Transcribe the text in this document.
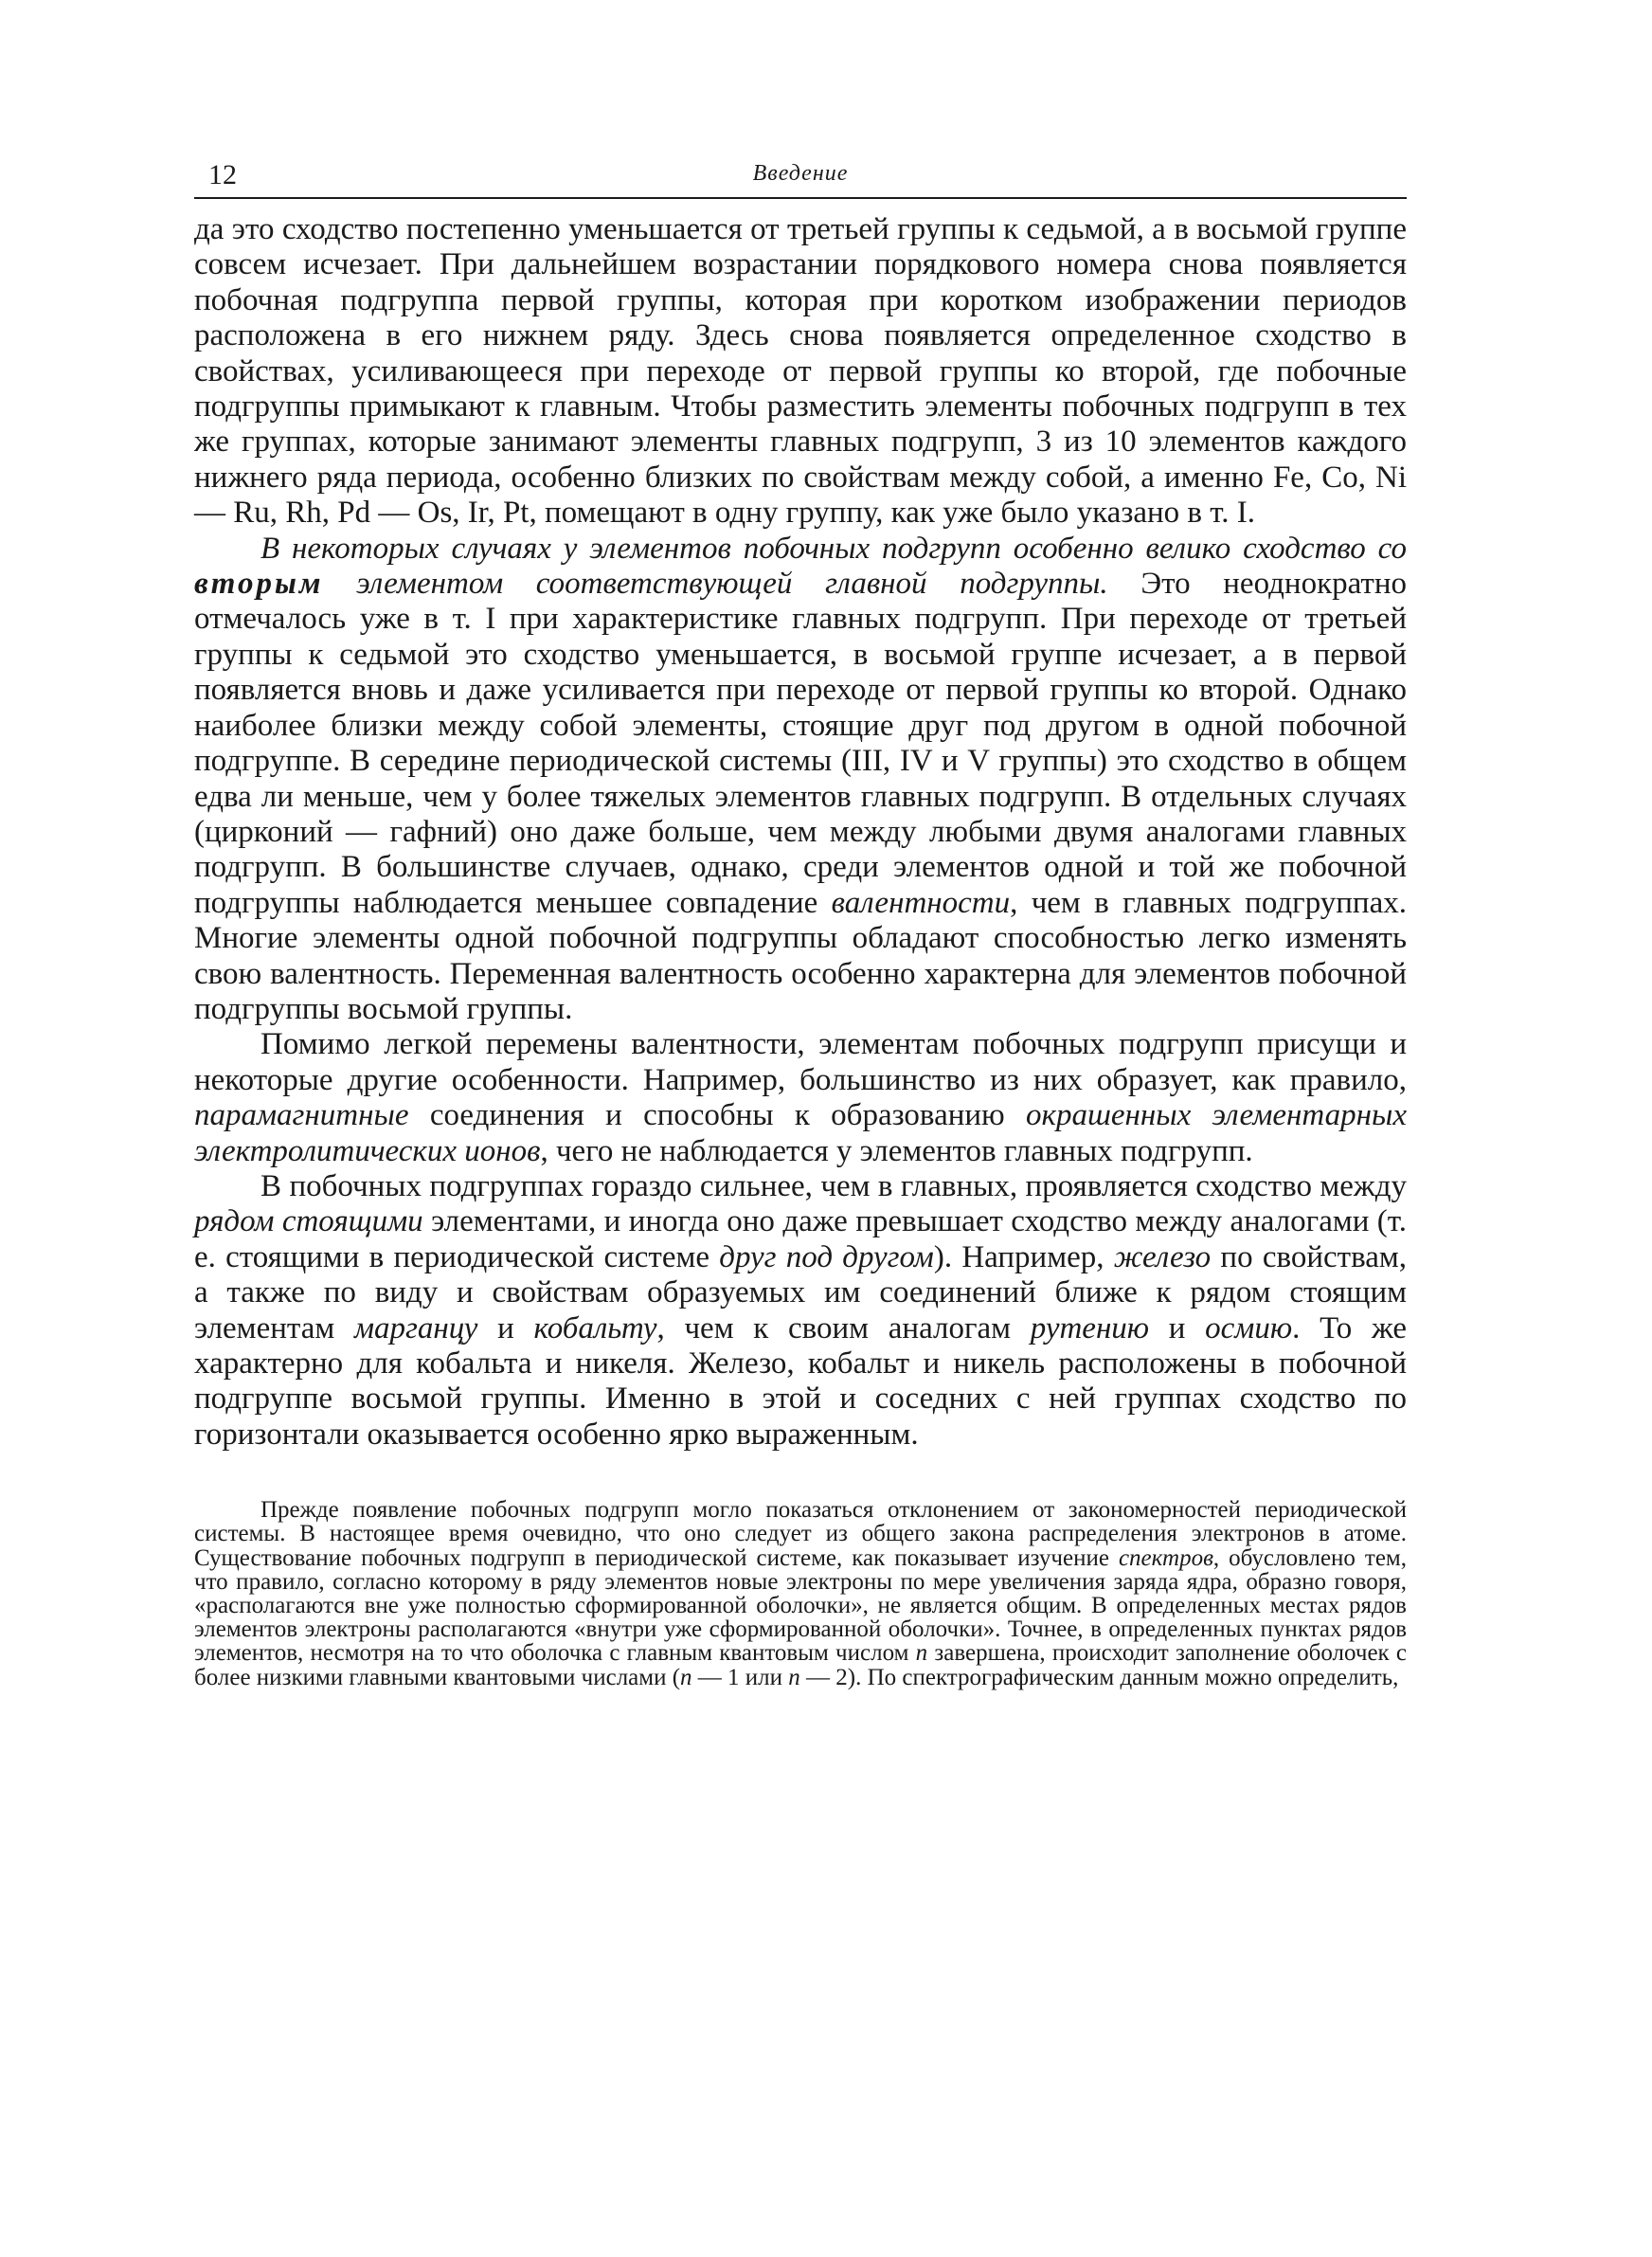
12	Введение

да это сходство постепенно уменьшается от третьей группы к седьмой, а в восьмой группе совсем исчезает. При дальнейшем возрастании порядкового номера снова появляется побочная подгруппа первой группы, которая при коротком изображении периодов расположена в его нижнем ряду. Здесь снова появляется определенное сходство в свойствах, усиливающееся при переходе от первой группы ко второй, где побочные подгруппы примыкают к главным. Чтобы разместить элементы побочных подгрупп в тех же группах, которые занимают элементы главных подгрупп, 3 из 10 элементов каждого нижнего ряда периода, особенно близких по свойствам между собой, а именно Fe, Co, Ni — Ru, Rh, Pd — Os, Ir, Pt, помещают в одну группу, как уже было указано в т. I.

В некоторых случаях у элементов побочных подгрупп особенно велико сходство со вторым элементом соответствующей главной подгруппы. Это неоднократно отмечалось уже в т. I при характеристике главных подгрупп. При переходе от третьей группы к седьмой это сходство уменьшается, в восьмой группе исчезает, а в первой появляется вновь и даже усиливается при переходе от первой группы ко второй. Однако наиболее близки между собой элементы, стоящие друг под другом в одной побочной подгруппе. В середине периодической системы (III, IV и V группы) это сходство в общем едва ли меньше, чем у более тяжелых элементов главных подгрупп. В отдельных случаях (цирконий — гафний) оно даже больше, чем между любыми двумя аналогами главных подгрупп. В большинстве случаев, однако, среди элементов одной и той же побочной подгруппы наблюдается меньшее совпадение валентности, чем в главных подгруппах. Многие элементы одной побочной подгруппы обладают способностью легко изменять свою валентность. Переменная валентность особенно характерна для элементов побочной подгруппы восьмой группы.

Помимо легкой перемены валентности, элементам побочных подгрупп присущи и некоторые другие особенности. Например, большинство из них образует, как правило, парамагнитные соединения и способны к образованию окрашенных элементарных электролитических ионов, чего не наблюдается у элементов главных подгрупп.

В побочных подгруппах гораздо сильнее, чем в главных, проявляется сходство между рядом стоящими элементами, и иногда оно даже превышает сходство между аналогами (т. е. стоящими в периодической системе друг под другом). Например, железо по свойствам, а также по виду и свойствам образуемых им соединений ближе к рядом стоящим элементам марганцу и кобальту, чем к своим аналогам рутению и осмию. То же характерно для кобальта и никеля. Железо, кобальт и никель расположены в побочной подгруппе восьмой группы. Именно в этой и соседних с ней группах сходство по горизонтали оказывается особенно ярко выраженным.

Прежде появление побочных подгрупп могло показаться отклонением от закономерностей периодической системы. В настоящее время очевидно, что оно следует из общего закона распределения электронов в атоме. Существование побочных подгрупп в периодической системе, как показывает изучение спектров, обусловлено тем, что правило, согласно которому в ряду элементов новые электроны по мере увеличения заряда ядра, образно говоря, «располагаются вне уже полностью сформированной оболочки», не является общим. В определенных местах рядов элементов электроны располагаются «внутри уже сформированной оболочки». Точнее, в определенных пунктах рядов элементов, несмотря на то что оболочка с главным квантовым числом n завершена, происходит заполнение оболочек с более низкими главными квантовыми числами (n — 1 или n — 2). По спектрографическим данным можно определить,
